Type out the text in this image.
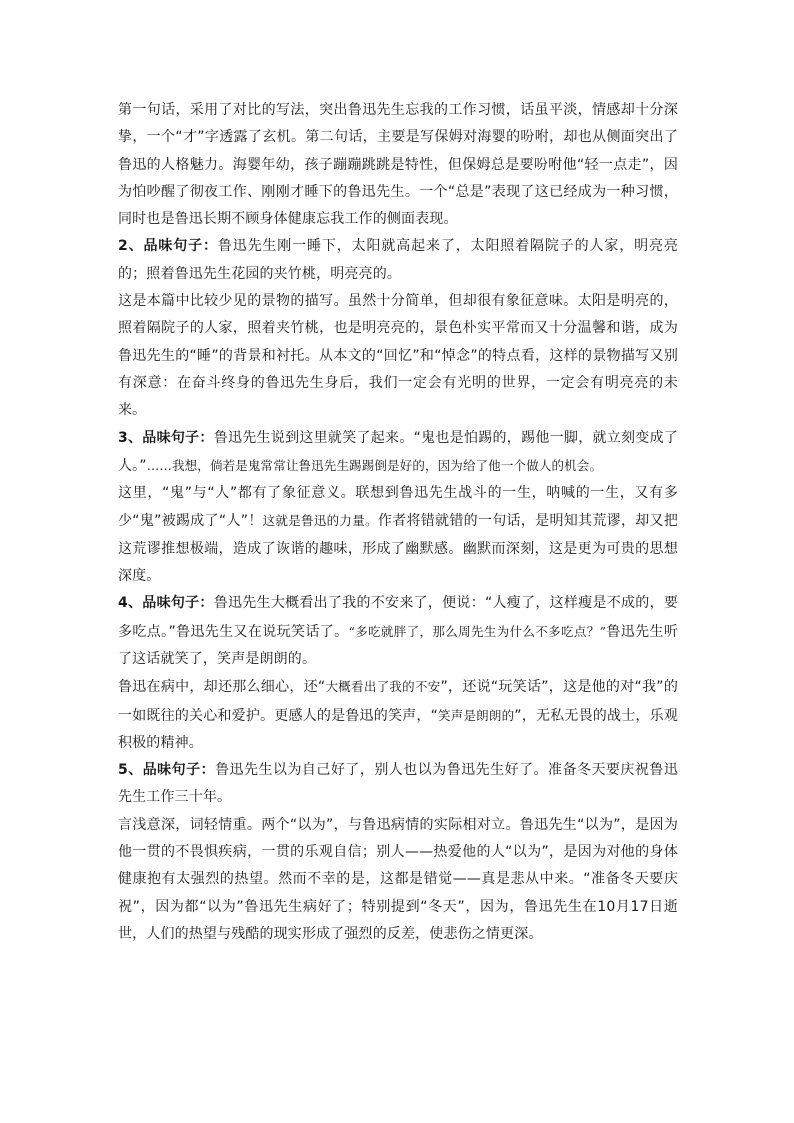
第一句话，采用了对比的写法，突出鲁迅先生忘我的工作习惯，话虽平淡，情感却十分深挚，一个“才”字透露了玄机。第二句话，主要是写保姆对海婴的吩咐，却也从侧面突出了鲁迅的人格魅力。海婴年幼，孩子蹦蹦跳跳是特性，但保姆总是要吩咐他“轻一点走”，因为怕吵醒了彻夜工作、刚刚才睡下的鲁迅先生。一个“总是”表现了这已经成为一种习惯，同时也是鲁迅长期不顾身体健康忘我工作的侧面表现。

2、品味句子：鲁迅先生刚一睡下，太阳就高起来了，太阳照着隔院子的人家，明亮亮的；照着鲁迅先生花园的夹竹桃，明亮亮的。

这是本篇中比较少见的景物的描写。虽然十分简单，但却很有象征意味。太阳是明亮的，照着隔院子的人家，照着夹竹桃，也是明亮亮的，景色朴实平常而又十分温馨和谐，成为鲁迅先生的“睡”的背景和衬托。从本文的“回忆”和“悼念”的特点看，这样的景物描写又别有深意：在奋斗终身的鲁迅先生身后，我们一定会有光明的世界，一定会有明亮亮的未来。

3、品味句子：鲁迅先生说到这里就笑了起来。“鬼也是怕踢的，踢他一脚，就立刻变成了人。”……我想，倘若是鬼常常让鲁迅先生踢踢倒是好的，因为给了他一个做人的机会。

这里，“鬼”与“人”都有了象征意义。联想到鲁迅先生战斗的一生，呐喊的一生，又有多少“鬼”被踢成了“人”！这就是鲁迅的力量。作者将错就错的一句话，是明知其荒谬，却又把这荒谬推想极端，造成了诙谐的趣味，形成了幽默感。幽默而深刻，这是更为可贵的思想深度。

4、品味句子：鲁迅先生大概看出了我的不安来了，便说：“人瘦了，这样瘦是不成的，要多吃点。”鲁迅先生又在说玩笑话了。“多吃就胖了，那么周先生为什么不多吃点？”鲁迅先生听了这话就笑了，笑声是朗朗的。

鲁迅在病中，却还那么细心，还“大概看出了我的不安”，还说“玩笑话”，这是他的对“我”的一如既往的关心和爱护。更感人的是鲁迅的笑声，“笑声是朗朗的”，无私无畏的战士，乐观积极的精神。

5、品味句子：鲁迅先生以为自己好了，别人也以为鲁迅先生好了。准备冬天要庆祝鲁迅先生工作三十年。

言浅意深，词轻情重。两个“以为”，与鲁迅病情的实际相对立。鲁迅先生“以为”，是因为他一贯的不畏惧疾病，一贯的乐观自信；别人——热爱他的人“以为”，是因为对他的身体健康抱有太强烈的热望。然而不幸的是，这都是错觉——真是悲从中来。“准备冬天要庆祝”，因为都“以为”鲁迅先生病好了；特别提到“冬天”，因为，鲁迅先生在10月17日逝世，人们的热望与残酷的现实形成了强烈的反差，使悲伤之情更深。
